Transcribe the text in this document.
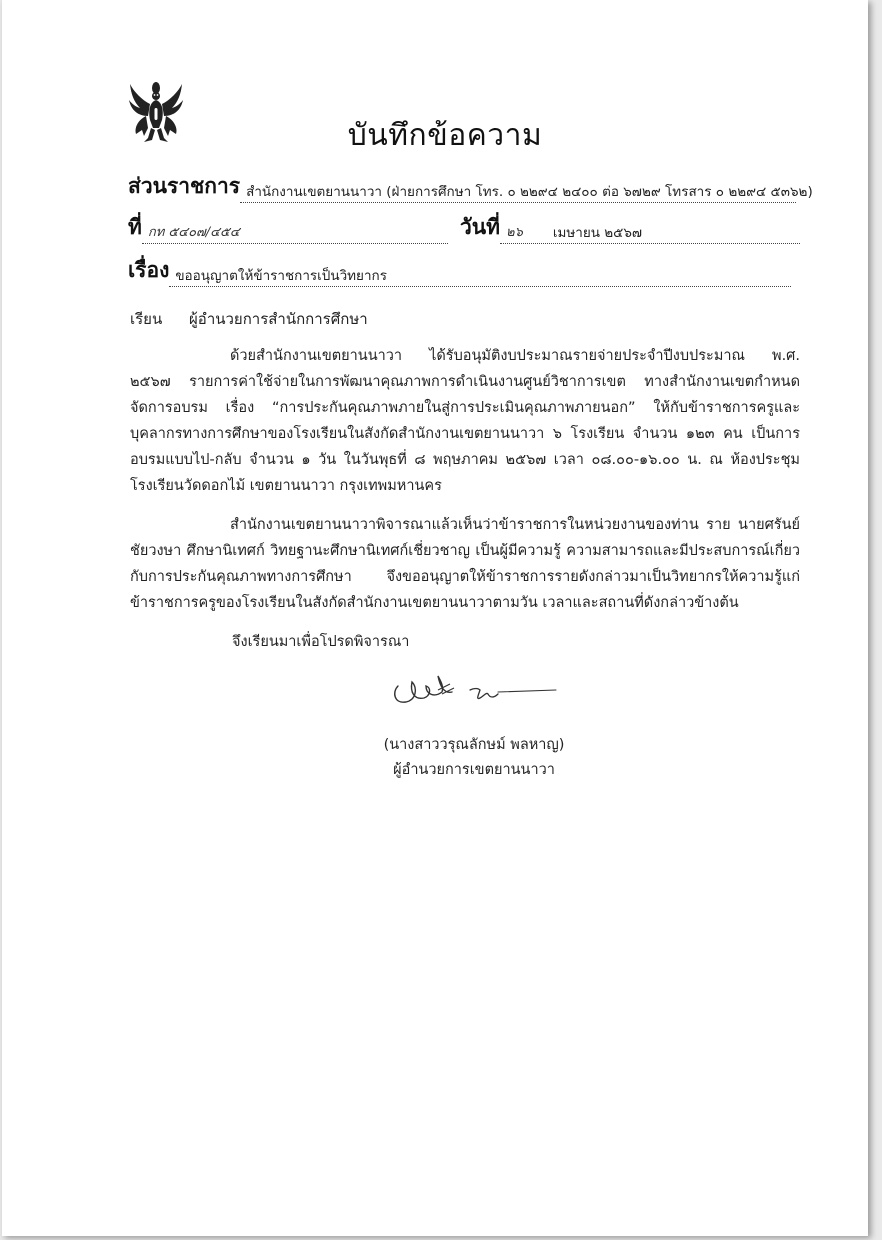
บันทึกข้อความ
ส่วนราชการ สำนักงานเขตยานนาวา (ฝ่ายการศึกษา โทร. ๐ ๒๒๙๔ ๒๔๐๐ ต่อ ๖๗๒๙ โทรสาร ๐ ๒๒๙๔ ๕๓๖๒)
ที่ กท ๕๔๐๗/๔๕๔	วันที่ ๒๖ เมษายน ๒๕๖๗
เรื่อง ขออนุญาตให้ข้าราชการเป็นวิทยากร
เรียน ผู้อำนวยการสำนักการศึกษา

ด้วยสำนักงานเขตยานนาวา ได้รับอนุมัติงบประมาณรายจ่ายประจำปีงบประมาณ พ.ศ. ๒๕๖๗ รายการค่าใช้จ่ายในการพัฒนาคุณภาพการดำเนินงานศูนย์วิชาการเขต ทางสำนักงานเขตกำหนดจัดการอบรม เรื่อง “การประกันคุณภาพภายในสู่การประเมินคุณภาพภายนอก” ให้กับข้าราชการครูและบุคลากรทางการศึกษาของโรงเรียนในสังกัดสำนักงานเขตยานนาวา ๖ โรงเรียน จำนวน ๑๒๓ คน เป็นการอบรมแบบไป-กลับ จำนวน ๑ วัน ในวันพุธที่ ๘ พฤษภาคม ๒๕๖๗ เวลา ๐๘.๐๐-๑๖.๐๐ น. ณ ห้องประชุมโรงเรียนวัดดอกไม้ เขตยานนาวา กรุงเทพมหานคร

สำนักงานเขตยานนาวาพิจารณาแล้วเห็นว่าข้าราชการในหน่วยงานของท่าน ราย นายศรันย์ ชัยวงษา ศึกษานิเทศก์ วิทยฐานะศึกษานิเทศก์เชี่ยวชาญ เป็นผู้มีความรู้ ความสามารถและมีประสบการณ์เกี่ยวกับการประกันคุณภาพทางการศึกษา จึงขออนุญาตให้ข้าราชการรายดังกล่าวมาเป็นวิทยากรให้ความรู้แก่ข้าราชการครูของโรงเรียนในสังกัดสำนักงานเขตยานนาวาตามวัน เวลาและสถานที่ดังกล่าวข้างต้น

จึงเรียนมาเพื่อโปรดพิจารณา
(นางสาววรุณลักษม์ พลหาญ)
ผู้อำนวยการเขตยานนาวา
